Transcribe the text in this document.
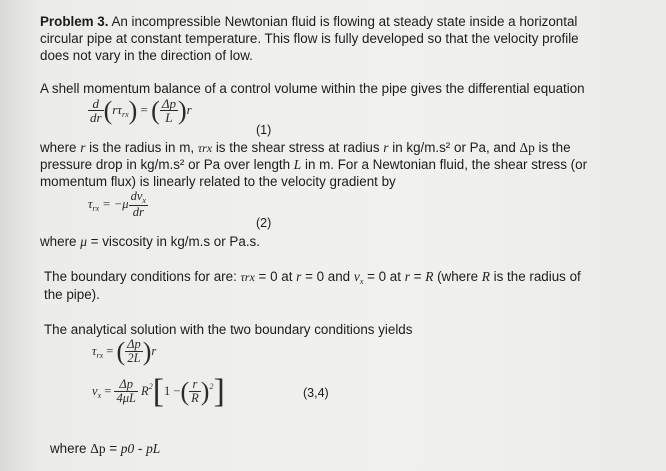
Problem 3. An incompressible Newtonian fluid is flowing at steady state inside a horizontal
circular pipe at constant temperature. This flow is fully developed so that the velocity profile
does not vary in the direction of low.
A shell momentum balance of a control volume within the pipe gives the differential equation
$\frac{d}{dr} (r\tau_{rx})$ = ( $\frac{\Delta p}{L} )r$
(1)
where r is the radius in m, τrx is the shear stress at radius r in kg/m.s² or Pa, and Δp is the
pressure drop in kg/m.s² or Pa over length L in m. For a Newtonian fluid, the shear stress (or
momentum flux) is linearly related to the velocity gradient by
$\tau_{rx} = -\mu \frac{dv_x}{dr}$
(2)
where μ = viscosity in kg/m.s or Pa.s.
The boundary conditions for are: τrx = 0 at r = 0 and $v_x = 0$ at r = R (where R is the radius of
the pipe).
The analytical solution with the two boundary conditions yields
$\tau_{rx}$ = ( $\frac{\Delta p}{2L} )r$
$v_x = \frac{\Delta p}{4\mu L} R^2[1$ −( $\frac{r}{R} )^2$]	(3,4)
where Δp = p0 - pL
